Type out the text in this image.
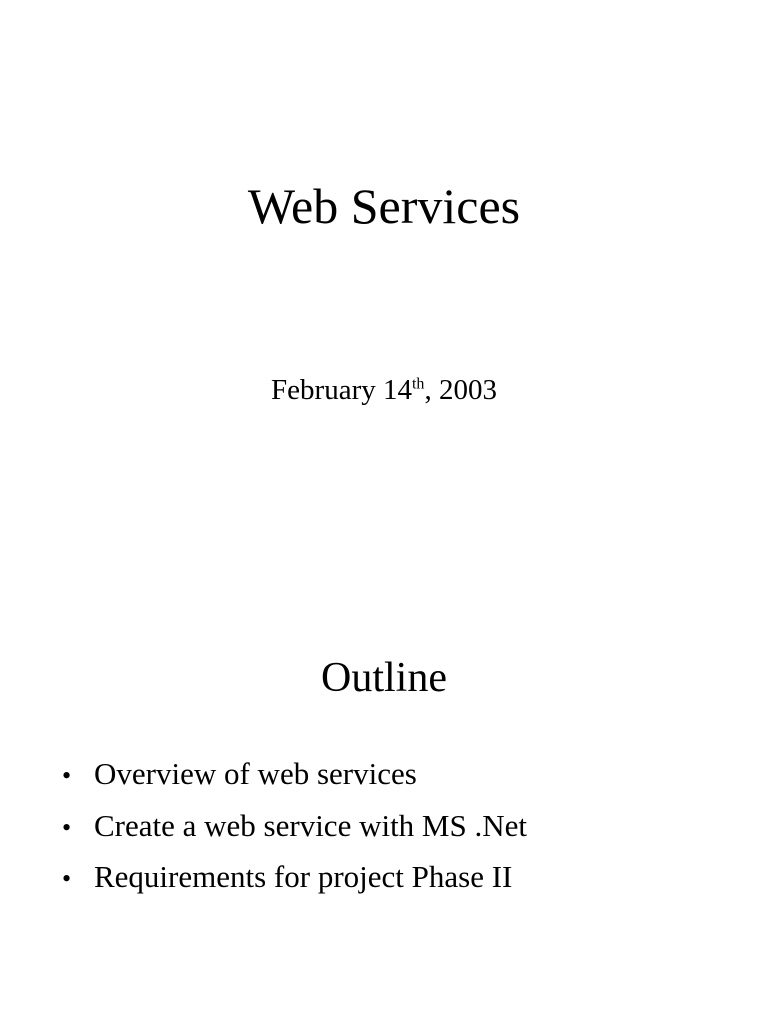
Web Services

February 14th, 2003

Outline
• Overview of web services
• Create a web service with MS .Net
• Requirements for project Phase II
